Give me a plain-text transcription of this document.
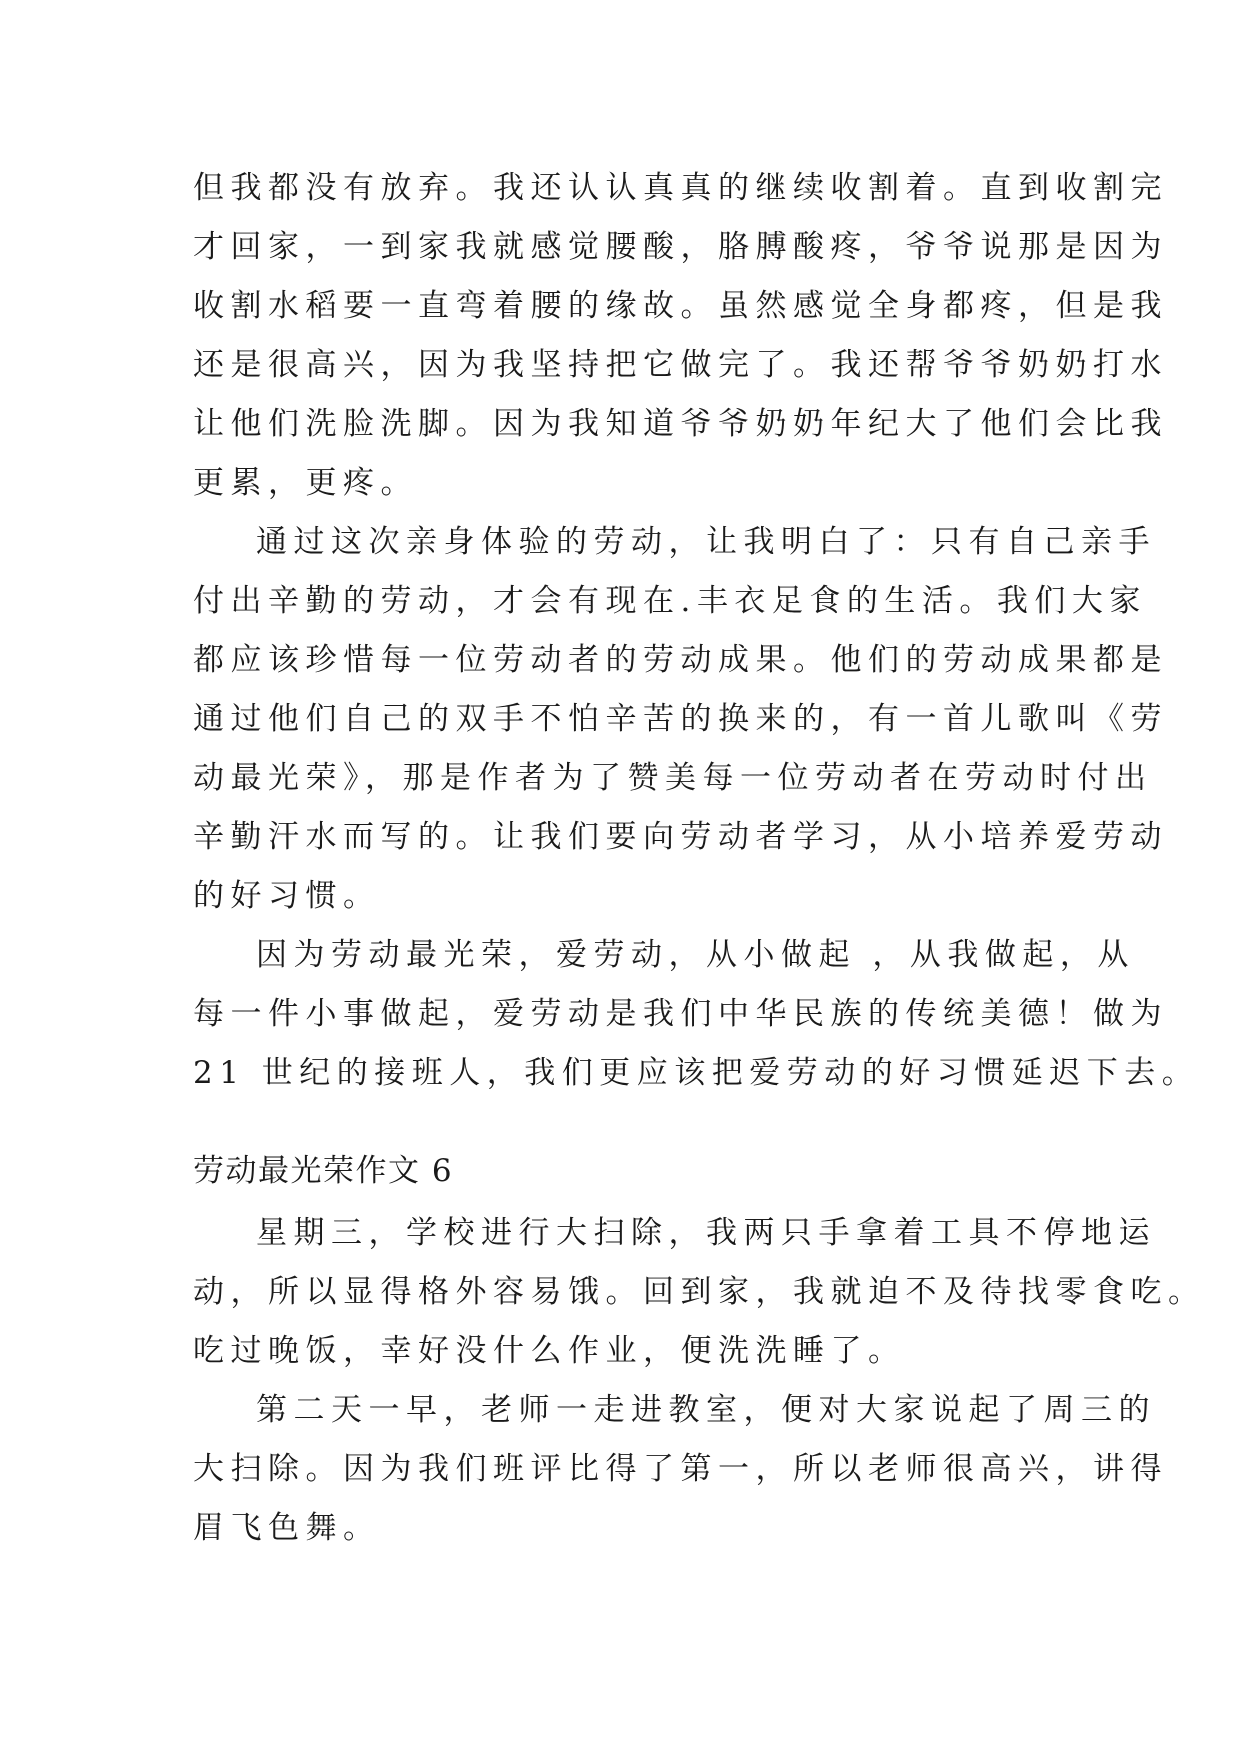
但我都没有放弃。我还认认真真的继续收割着。直到收割完
才回家，一到家我就感觉腰酸，胳膊酸疼，爷爷说那是因为
收割水稻要一直弯着腰的缘故。虽然感觉全身都疼，但是我
还是很高兴，因为我坚持把它做完了。我还帮爷爷奶奶打水
让他们洗脸洗脚。因为我知道爷爷奶奶年纪大了他们会比我
更累，更疼。
通过这次亲身体验的劳动，让我明白了：只有自己亲手
付出辛勤的劳动，才会有现在.丰衣足食的生活。我们大家
都应该珍惜每一位劳动者的劳动成果。他们的劳动成果都是
通过他们自己的双手不怕辛苦的换来的，有一首儿歌叫《劳
动最光荣》，那是作者为了赞美每一位劳动者在劳动时付出
辛勤汗水而写的。让我们要向劳动者学习，从小培养爱劳动
的好习惯。
因为劳动最光荣，爱劳动，从小做起 ，从我做起，从
每一件小事做起，爱劳动是我们中华民族的传统美德！做为
21 世纪的接班人，我们更应该把爱劳动的好习惯延迟下去。
劳动最光荣作文 6
星期三，学校进行大扫除，我两只手拿着工具不停地运
动，所以显得格外容易饿。回到家，我就迫不及待找零食吃。
吃过晚饭，幸好没什么作业，便洗洗睡了。
第二天一早，老师一走进教室，便对大家说起了周三的
大扫除。因为我们班评比得了第一，所以老师很高兴，讲得
眉飞色舞。
